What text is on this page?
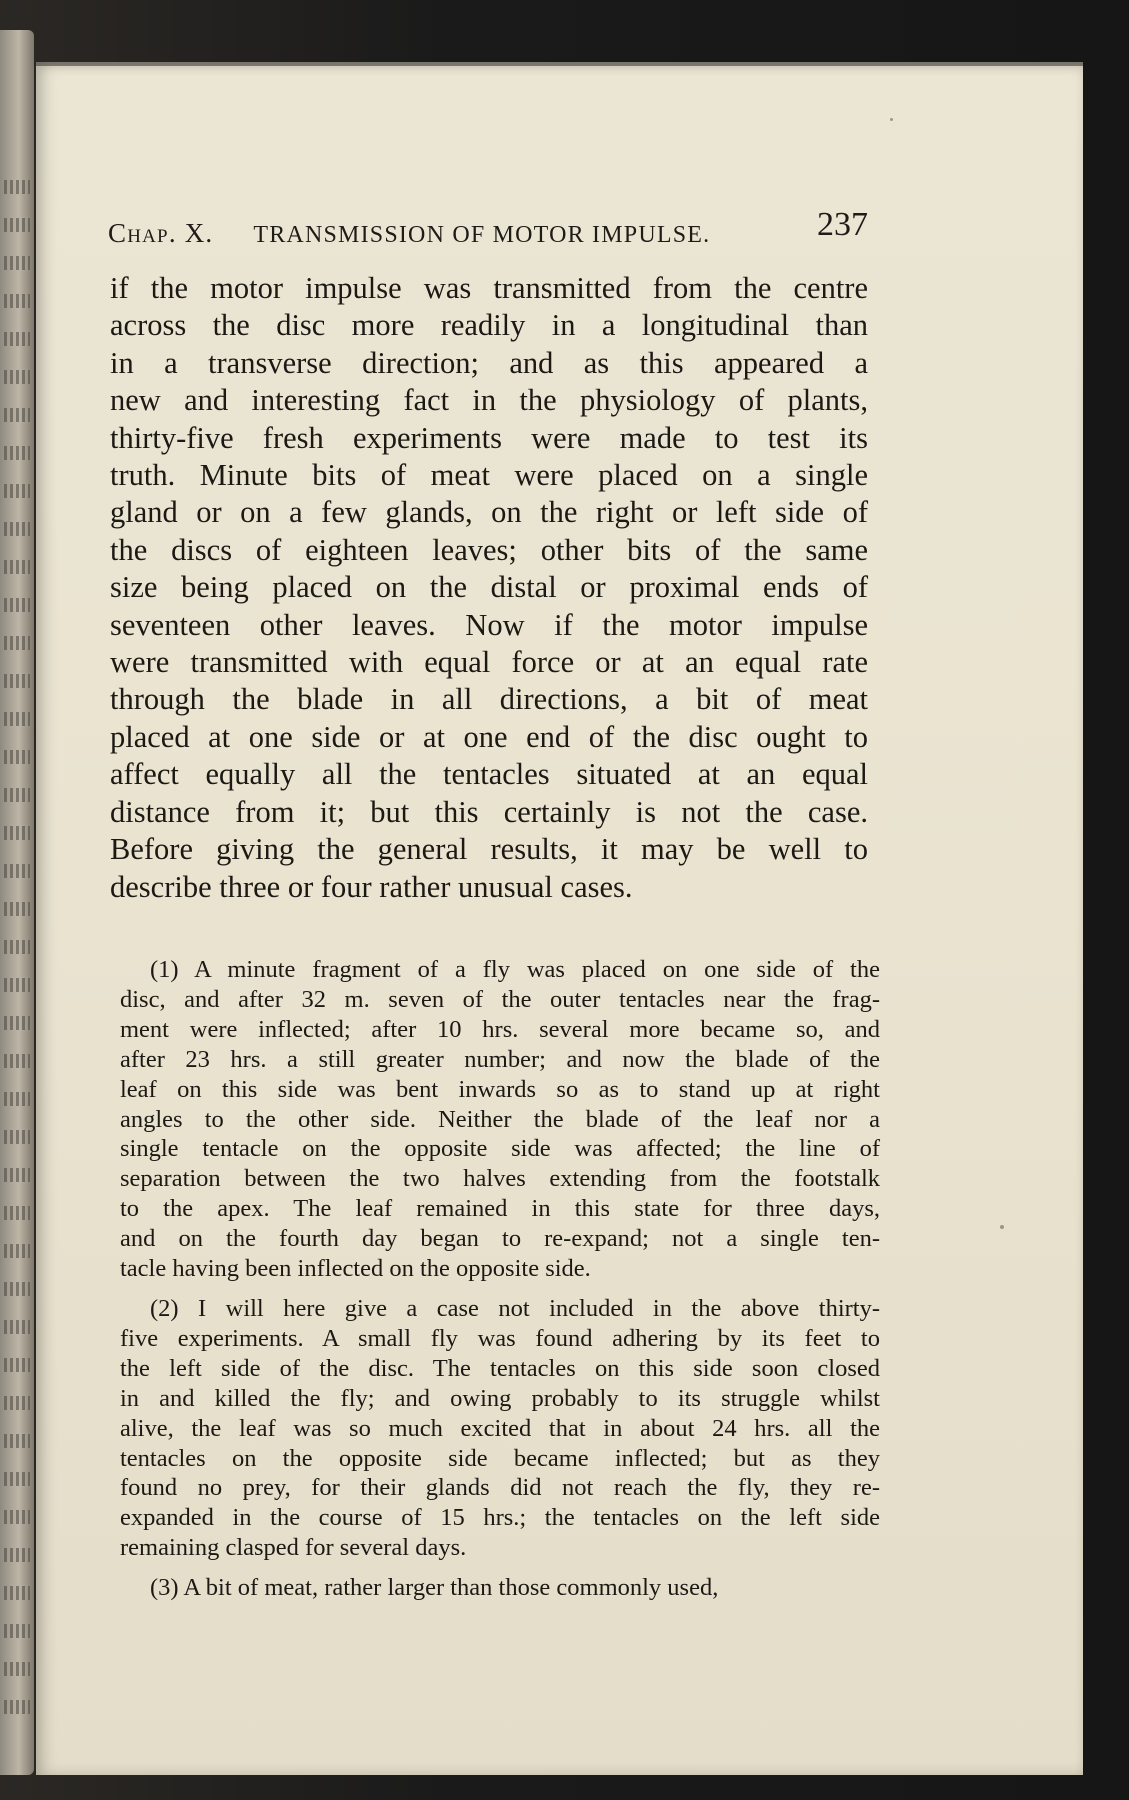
Chap. X. TRANSMISSION OF MOTOR IMPULSE.	237
if the motor impulse was transmitted from the centre
across the disc more readily in a longitudinal than
in a transverse direction; and as this appeared a
new and interesting fact in the physiology of plants,
thirty-five fresh experiments were made to test its
truth. Minute bits of meat were placed on a single
gland or on a few glands, on the right or left side of
the discs of eighteen leaves; other bits of the same
size being placed on the distal or proximal ends of
seventeen other leaves. Now if the motor impulse
were transmitted with equal force or at an equal rate
through the blade in all directions, a bit of meat
placed at one side or at one end of the disc ought to
affect equally all the tentacles situated at an equal
distance from it; but this certainly is not the case.
Before giving the general results, it may be well to
describe three or four rather unusual cases.
(1) A minute fragment of a fly was placed on one side of the
disc, and after 32 m. seven of the outer tentacles near the frag-
ment were inflected; after 10 hrs. several more became so, and
after 23 hrs. a still greater number; and now the blade of the
leaf on this side was bent inwards so as to stand up at right
angles to the other side. Neither the blade of the leaf nor a
single tentacle on the opposite side was affected; the line of
separation between the two halves extending from the footstalk
to the apex. The leaf remained in this state for three days,
and on the fourth day began to re-expand; not a single ten-
tacle having been inflected on the opposite side.
(2) I will here give a case not included in the above thirty-
five experiments. A small fly was found adhering by its feet to
the left side of the disc. The tentacles on this side soon closed
in and killed the fly; and owing probably to its struggle whilst
alive, the leaf was so much excited that in about 24 hrs. all the
tentacles on the opposite side became inflected; but as they
found no prey, for their glands did not reach the fly, they re-
expanded in the course of 15 hrs.; the tentacles on the left side
remaining clasped for several days.
(3) A bit of meat, rather larger than those commonly used,
